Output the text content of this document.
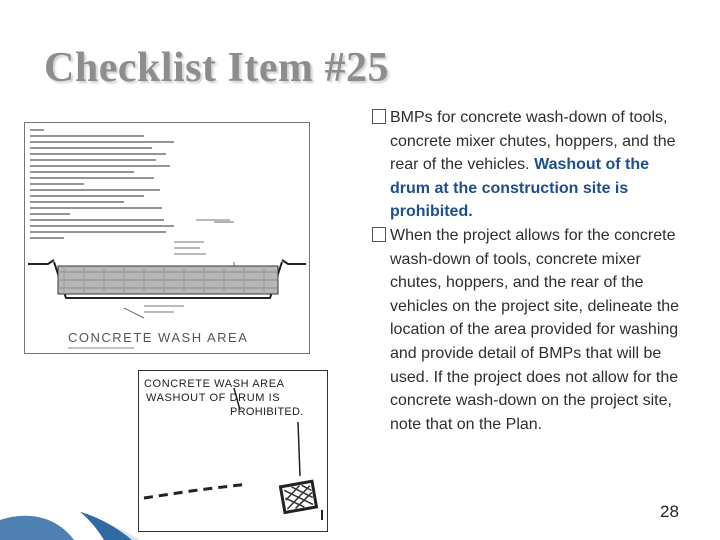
Checklist Item #25
CONCRETE WASH AREA
CONCRETE WASH AREA
WASHOUT OF DRUM IS
PROHIBITED.
BMPs for concrete wash-down of tools, concrete mixer chutes, hoppers, and the rear of the vehicles. Washout of the drum at the construction site is prohibited.
When the project allows for the concrete wash-down of tools, concrete mixer chutes, hoppers, and the rear of the vehicles on the project site, delineate the location of the area provided for washing and provide detail of BMPs that will be used. If the project does not allow for the concrete wash-down on the project site, note that on the Plan.
28
